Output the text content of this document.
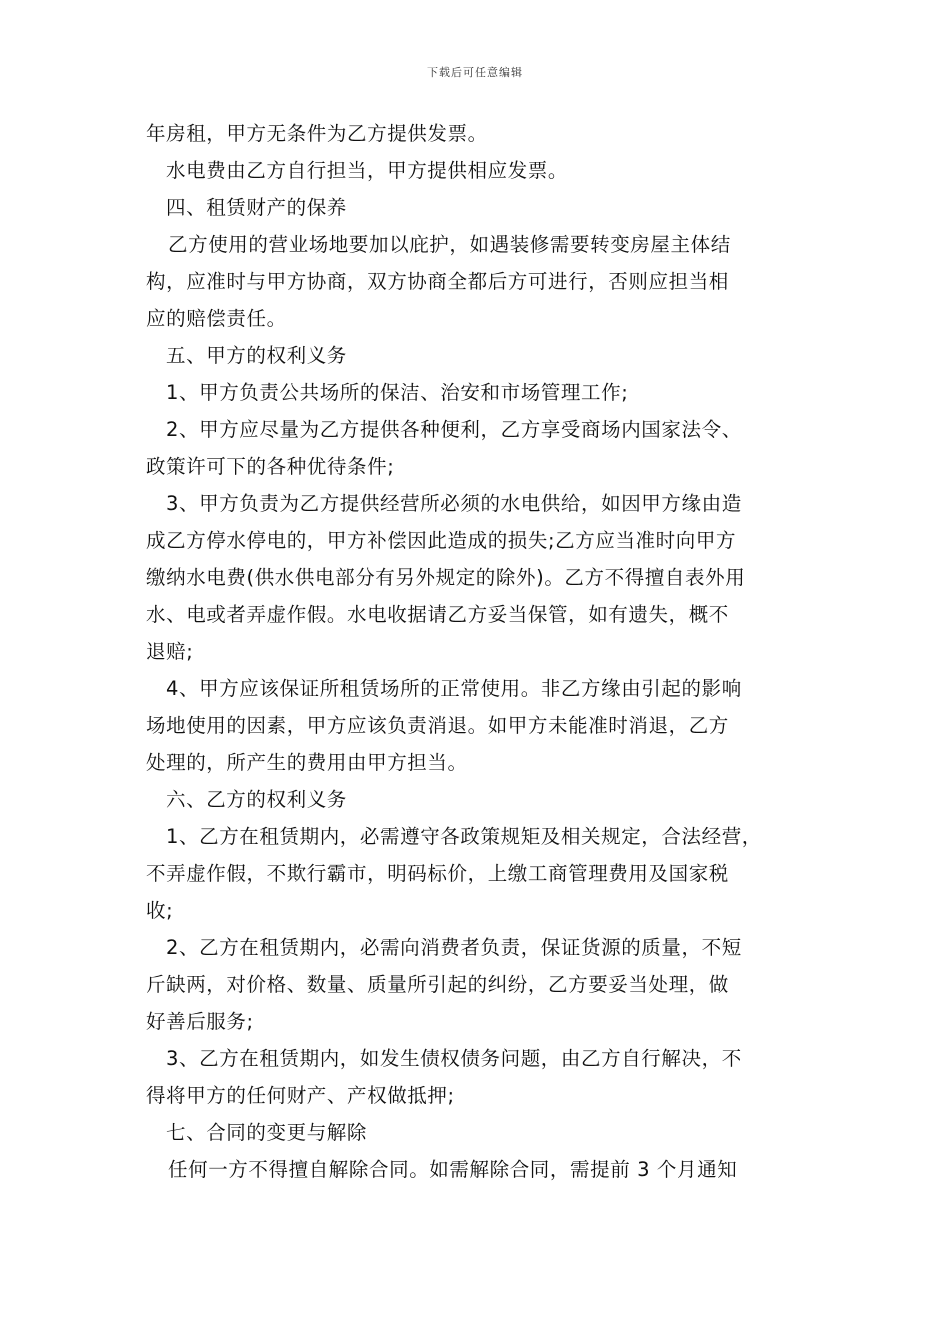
下载后可任意编辑
年房租，甲方无条件为乙方提供发票。
水电费由乙方自行担当，甲方提供相应发票。
四、租赁财产的保养
乙方使用的营业场地要加以庇护，如遇装修需要转变房屋主体结
构，应准时与甲方协商，双方协商全都后方可进行，否则应担当相
应的赔偿责任。
五、甲方的权利义务
1、甲方负责公共场所的保洁、治安和市场管理工作;
2、甲方应尽量为乙方提供各种便利，乙方享受商场内国家法令、
政策许可下的各种优待条件;
3、甲方负责为乙方提供经营所必须的水电供给，如因甲方缘由造
成乙方停水停电的，甲方补偿因此造成的损失;乙方应当准时向甲方
缴纳水电费(供水供电部分有另外规定的除外)。乙方不得擅自表外用
水、电或者弄虚作假。水电收据请乙方妥当保管，如有遗失，概不
退赔;
4、甲方应该保证所租赁场所的正常使用。非乙方缘由引起的影响
场地使用的因素，甲方应该负责消退。如甲方未能准时消退，乙方
处理的，所产生的费用由甲方担当。
六、乙方的权利义务
1、乙方在租赁期内，必需遵守各政策规矩及相关规定，合法经营，
不弄虚作假，不欺行霸市，明码标价，上缴工商管理费用及国家税
收;
2、乙方在租赁期内，必需向消费者负责，保证货源的质量，不短
斤缺两，对价格、数量、质量所引起的纠纷，乙方要妥当处理，做
好善后服务;
3、乙方在租赁期内，如发生债权债务问题，由乙方自行解决，不
得将甲方的任何财产、产权做抵押;
七、合同的变更与解除
任何一方不得擅自解除合同。如需解除合同，需提前 3 个月通知
